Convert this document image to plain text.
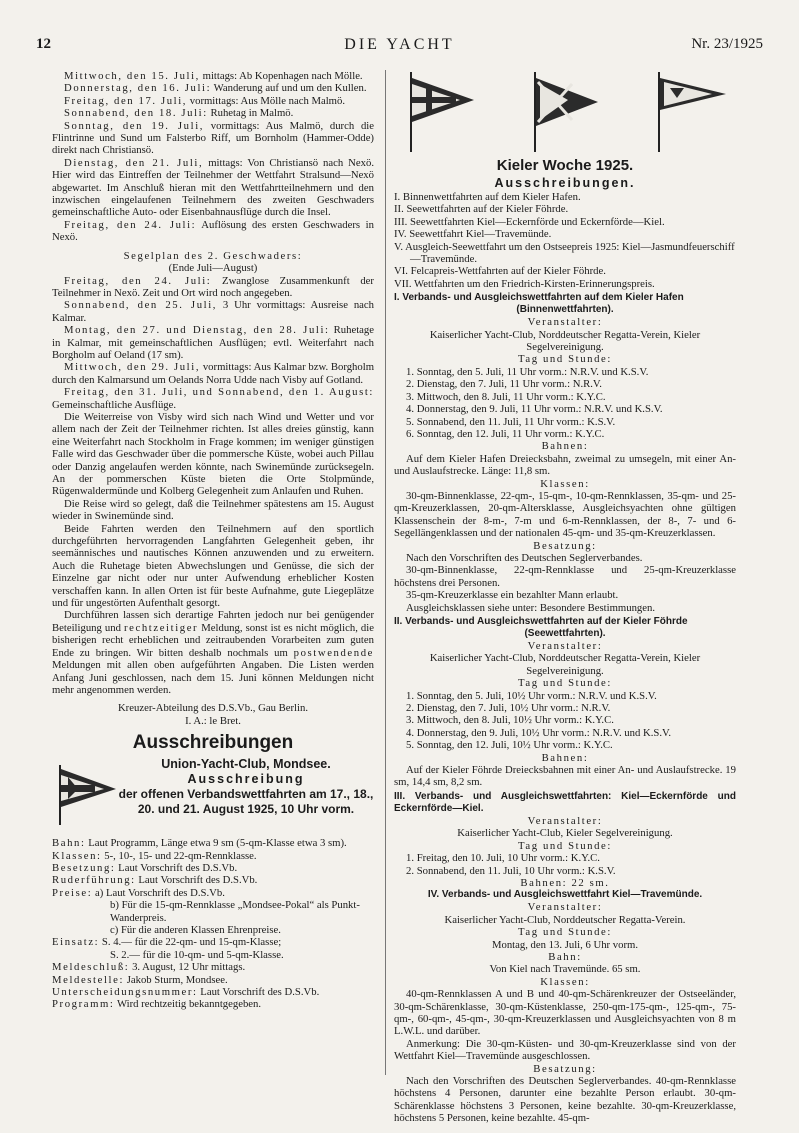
12	DIE YACHT	Nr. 23/1925
Mittwoch, den 15. Juli, mittags: Ab Kopenhagen nach Mölle.
Donnerstag, den 16. Juli: Wanderung auf und um den Kullen.
Freitag, den 17. Juli, vormittags: Aus Mölle nach Malmö.
Sonnabend, den 18. Juli: Ruhetag in Malmö.
Sonntag, den 19. Juli, vormittags: Aus Malmö, durch die Flintrinne und Sund um Falsterbo Riff, um Bornholm (Hammer-Odde) direkt nach Christiansö.
Dienstag, den 21. Juli, mittags: Von Christiansö nach Nexö. Hier wird das Eintreffen der Teilnehmer der Wettfahrt Stralsund—Nexö abgewartet. Im Anschluß hieran mit den Wettfahrtteilnehmern und den inzwischen eingelaufenen Teilnehmern des zweiten Geschwaders gemeinschaftliche Auto- oder Eisenbahnausflüge durch die Insel.
Freitag, den 24. Juli: Auflösung des ersten Geschwaders in Nexö.
Segelplan des 2. Geschwaders:
(Ende Juli—August)
Freitag, den 24. Juli: Zwanglose Zusammenkunft der Teilnehmer in Nexö. Zeit und Ort wird noch angegeben.
Sonnabend, den 25. Juli, 3 Uhr vormittags: Ausreise nach Kalmar.
Montag, den 27. und Dienstag, den 28. Juli: Ruhetage in Kalmar, mit gemeinschaftlichen Ausflügen; evtl. Weiterfahrt nach Borgholm auf Oeland (17 sm).
Mittwoch, den 29. Juli, vormittags: Aus Kalmar bzw. Borgholm durch den Kalmarsund um Oelands Norra Udde nach Visby auf Gotland.
Freitag, den 31. Juli, und Sonnabend, den 1. August: Gemeinschaftliche Ausflüge.
Die Weiterreise von Visby wird sich nach Wind und Wetter und vor allem nach der Zeit der Teilnehmer richten. Ist alles dreies günstig, kann eine Weiterfahrt nach Stockholm in Frage kommen; im weniger günstigen Falle wird das Geschwader über die pommersche Küste, wobei auch Pillau oder Danzig angelaufen werden könnte, nach Swinemünde zurücksegeln. An der pommerschen Küste bieten die Orte Stolpmünde, Rügenwaldermünde und Kolberg Gelegenheit zum Anlaufen und Ruhen.
Die Reise wird so gelegt, daß die Teilnehmer spätestens am 15. August wieder in Swinemünde sind.
Beide Fahrten werden den Teilnehmern auf den sportlich durchgeführten hervorragenden Langfahrten Gelegenheit geben, ihr seemännisches und nautisches Können anzuwenden und zu erweitern. Auch die Ruhetage bieten Abwechslungen und Genüsse, die sich der Einzelne gar nicht oder nur unter Aufwendung erheblicher Kosten verschaffen kann. In allen Orten ist für beste Aufnahme, gute Liegeplätze und für ungestörten Aufenthalt gesorgt.
Durchführen lassen sich derartige Fahrten jedoch nur bei genügender Beteiligung und rechtzeitiger Meldung, sonst ist es nicht möglich, die bisherigen recht erheblichen und zeitraubenden Vorarbeiten zum guten Ende zu bringen. Wir bitten deshalb nochmals um postwendende Meldungen mit allen oben aufgeführten Angaben. Die Listen werden Anfang Juni geschlossen, nach dem 15. Juni können Meldungen nicht mehr angenommen werden.
Kreuzer-Abteilung des D.S.Vb., Gau Berlin.
I. A.: le Bret.
Ausschreibungen
Union-Yacht-Club, Mondsee.
Ausschreibung
der offenen Verbandswettfahrten am 17., 18., 20. und 21. August 1925, 10 Uhr vorm.
Bahn: Laut Programm, Länge etwa 9 sm (5-qm-Klasse etwa 3 sm).
Klassen: 5-, 10-, 15- und 22-qm-Rennklasse.
Besetzung: Laut Vorschrift des D.S.Vb.
Ruderführung: Laut Vorschrift des D.S.Vb.
Preise: a) Laut Vorschrift des D.S.Vb.
b) Für die 15-qm-Rennklasse „Mondsee-Pokal“ als Punkt-Wanderpreis.
c) Für die anderen Klassen Ehrenpreise.
Einsatz: S. 4.— für die 22-qm- und 15-qm-Klasse;
S. 2.— für die 10-qm- und 5-qm-Klasse.
Meldeschluß: 3. August, 12 Uhr mittags.
Meldestelle: Jakob Sturm, Mondsee.
Unterscheidungsnummer: Laut Vorschrift des D.S.Vb.
Programm: Wird rechtzeitig bekanntgegeben.
Kieler Woche 1925.
Ausschreibungen.
I. Binnenwettfahrten auf dem Kieler Hafen.
II. Seewettfahrten auf der Kieler Föhrde.
III. Seewettfahrten Kiel—Eckernförde und Eckernförde—Kiel.
IV. Seewettfahrt Kiel—Travemünde.
V. Ausgleich-Seewettfahrt um den Ostseepreis 1925: Kiel—Jasmundfeuerschiff—Travemünde.
VI. Felcapreis-Wettfahrten auf der Kieler Föhrde.
VII. Wettfahrten um den Friedrich-Kirsten-Erinnerungspreis.
I. Verbands- und Ausgleichswettfahrten auf dem Kieler Hafen
(Binnenwettfahrten).
Veranstalter:
Kaiserlicher Yacht-Club, Norddeutscher Regatta-Verein, Kieler Segelvereinigung.
Tag und Stunde:
1. Sonntag, den 5. Juli, 11 Uhr vorm.: N.R.V. und K.S.V.
2. Dienstag, den 7. Juli, 11 Uhr vorm.: N.R.V.
3. Mittwoch, den 8. Juli, 11 Uhr vorm.: K.Y.C.
4. Donnerstag, den 9. Juli, 11 Uhr vorm.: N.R.V. und K.S.V.
5. Sonnabend, den 11. Juli, 11 Uhr vorm.: K.S.V.
6. Sonntag, den 12. Juli, 11 Uhr vorm.: K.Y.C.
Bahnen:
Auf dem Kieler Hafen Dreiecksbahn, zweimal zu umsegeln, mit einer An- und Auslaufstrecke. Länge: 11,8 sm.
Klassen:
30-qm-Binnenklasse, 22-qm-, 15-qm-, 10-qm-Rennklassen, 35-qm- und 25-qm-Kreuzerklassen, 20-qm-Altersklasse, Ausgleichsyachten ohne gültigen Klassenschein der 8-m-, 7-m und 6-m-Rennklassen, der 8-, 7- und 6-Segellängenklassen und der nationalen 45-qm- und 35-qm-Kreuzerklassen.
Besatzung:
Nach den Vorschriften des Deutschen Seglerverbandes.
30-qm-Binnenklasse, 22-qm-Rennklasse und 25-qm-Kreuzerklasse höchstens drei Personen.
35-qm-Kreuzerklasse ein bezahlter Mann erlaubt.
Ausgleichsklassen siehe unter: Besondere Bestimmungen.
II. Verbands- und Ausgleichswettfahrten auf der Kieler Föhrde
(Seewettfahrten).
Veranstalter:
Kaiserlicher Yacht-Club, Norddeutscher Regatta-Verein, Kieler Segelvereinigung.
Tag und Stunde:
1. Sonntag, den 5. Juli, 10½ Uhr vorm.: N.R.V. und K.S.V.
2. Dienstag, den 7. Juli, 10½ Uhr vorm.: N.R.V.
3. Mittwoch, den 8. Juli, 10½ Uhr vorm.: K.Y.C.
4. Donnerstag, den 9. Juli, 10½ Uhr vorm.: N.R.V. und K.S.V.
5. Sonntag, den 12. Juli, 10½ Uhr vorm.: K.Y.C.
Bahnen:
Auf der Kieler Föhrde Dreiecksbahnen mit einer An- und Auslaufstrecke. 19 sm, 14,4 sm, 8,2 sm.
III. Verbands- und Ausgleichswettfahrten: Kiel—Eckernförde und Eckernförde—Kiel.
Veranstalter:
Kaiserlicher Yacht-Club, Kieler Segelvereinigung.
Tag und Stunde:
1. Freitag, den 10. Juli, 10 Uhr vorm.: K.Y.C.
2. Sonnabend, den 11. Juli, 10 Uhr vorm.: K.S.V.
Bahnen: 22 sm.
IV. Verbands- und Ausgleichswettfahrt Kiel—Travemünde.
Veranstalter:
Kaiserlicher Yacht-Club, Norddeutscher Regatta-Verein.
Tag und Stunde:
Montag, den 13. Juli, 6 Uhr vorm.
Bahn:
Von Kiel nach Travemünde. 65 sm.
Klassen:
40-qm-Rennklassen A und B und 40-qm-Schärenkreuzer der Ostseeländer, 30-qm-Schärenklasse, 30-qm-Küstenklasse, 250-qm-175-qm-, 125-qm-, 75-qm-, 60-qm-, 45-qm-, 30-qm-Kreuzerklassen und Ausgleichsyachten von 8 m L.W.L. und darüber.
Anmerkung: Die 30-qm-Küsten- und 30-qm-Kreuzerklasse sind von der Wettfahrt Kiel—Travemünde ausgeschlossen.
Besatzung:
Nach den Vorschriften des Deutschen Seglerverbandes. 40-qm-Rennklasse höchstens 4 Personen, darunter eine bezahlte Person erlaubt. 30-qm-Schärenklasse höchstens 3 Personen, keine bezahlte. 30-qm-Kreuzerklasse, höchstens 5 Personen, keine bezahlte. 45-qm-
